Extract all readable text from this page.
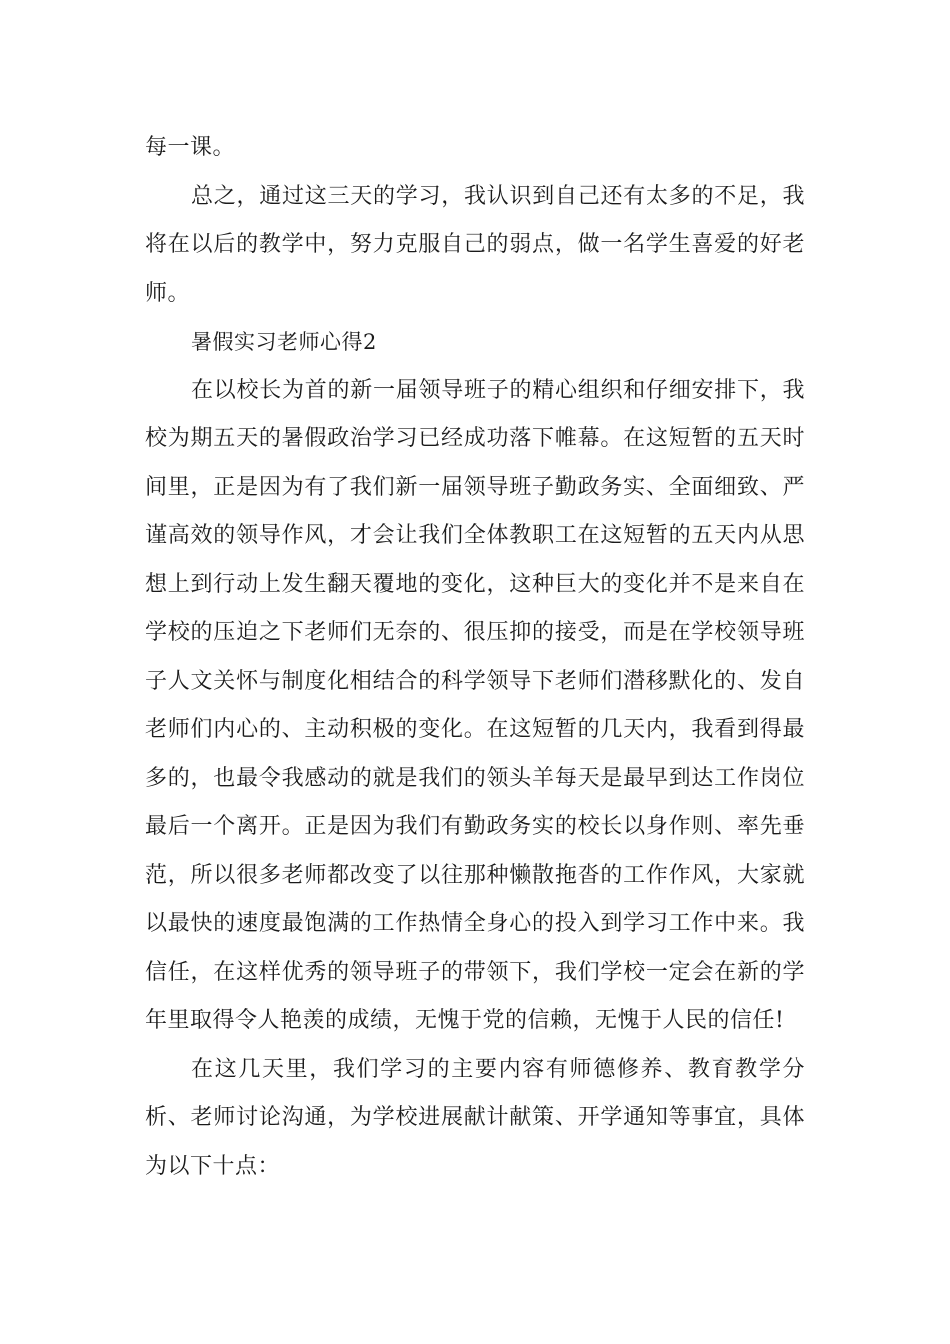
每一课。

总之，通过这三天的学习，我认识到自己还有太多的不足，我将在以后的教学中，努力克服自己的弱点，做一名学生喜爱的好老师。

暑假实习老师心得2

在以校长为首的新一届领导班子的精心组织和仔细安排下，我校为期五天的暑假政治学习已经成功落下帷幕。在这短暂的五天时间里，正是因为有了我们新一届领导班子勤政务实、全面细致、严谨高效的领导作风，才会让我们全体教职工在这短暂的五天内从思想上到行动上发生翻天覆地的变化，这种巨大的变化并不是来自在学校的压迫之下老师们无奈的、很压抑的接受，而是在学校领导班子人文关怀与制度化相结合的科学领导下老师们潜移默化的、发自老师们内心的、主动积极的变化。在这短暂的几天内，我看到得最多的，也最令我感动的就是我们的领头羊每天是最早到达工作岗位最后一个离开。正是因为我们有勤政务实的校长以身作则、率先垂范，所以很多老师都改变了以往那种懒散拖沓的工作作风，大家就以最快的速度最饱满的工作热情全身心的投入到学习工作中来。我信任，在这样优秀的领导班子的带领下，我们学校一定会在新的学年里取得令人艳羡的成绩，无愧于党的信赖，无愧于人民的信任!

在这几天里，我们学习的主要内容有师德修养、教育教学分析、老师讨论沟通，为学校进展献计献策、开学通知等事宜，具体为以下十点：
